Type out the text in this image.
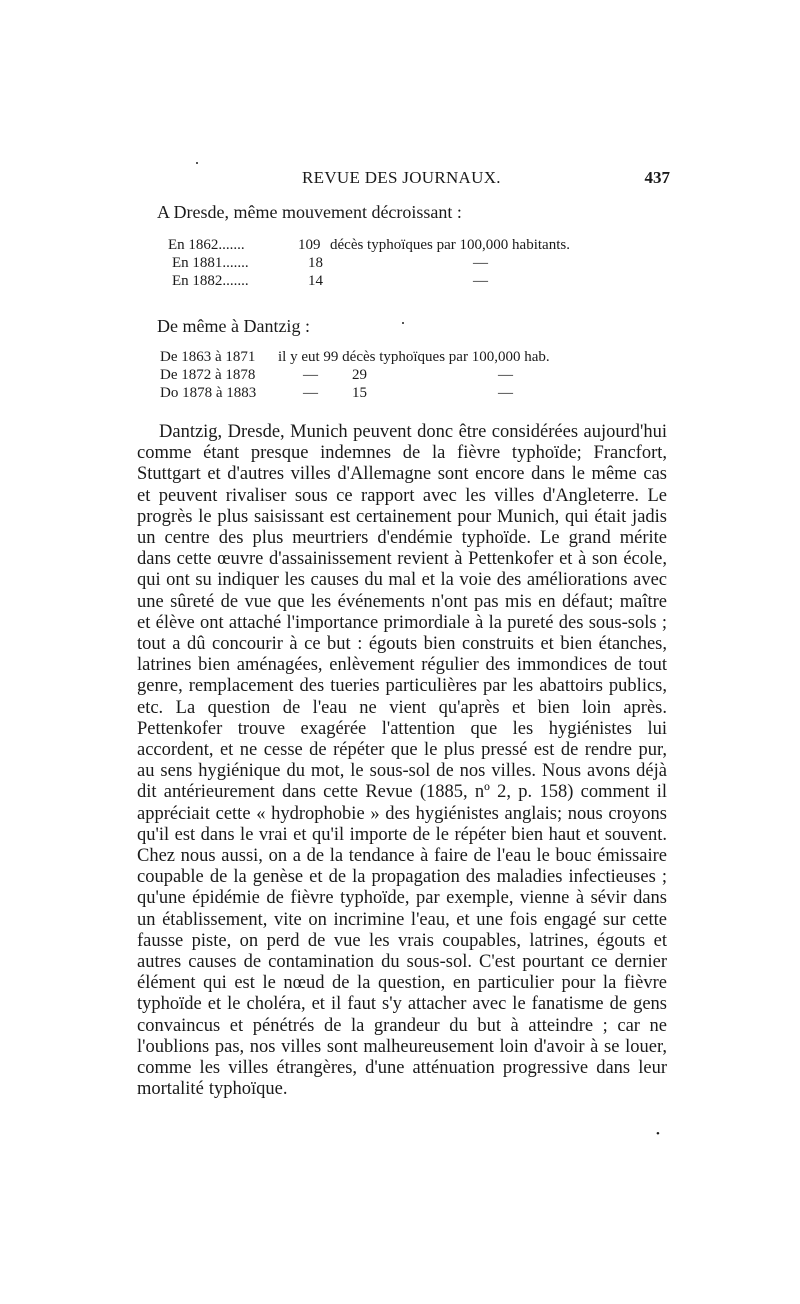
REVUE DES JOURNAUX.	437
A Dresde, même mouvement décroissant :
En 1862.......	109 décès typhoïques par 100,000 habitants.
En 1881.......	18	—
En 1882.......	14	—
De même à Dantzig :
De 1863 à 1871 il y eut 99 décès typhoïques par 100,000 hab.
De 1872 à 1878	— 29	—
Do 1878 à 1883	— 15	—

Dantzig, Dresde, Munich peuvent donc être considérées aujourd'hui comme étant presque indemnes de la fièvre typhoïde; Francfort, Stuttgart et d'autres villes d'Allemagne sont encore dans le même cas et peuvent rivaliser sous ce rapport avec les villes d'Angleterre. Le progrès le plus saisissant est certainement pour Munich, qui était jadis un centre des plus meurtriers d'endémie typhoïde. Le grand mérite dans cette œuvre d'assainissement revient à Pettenkofer et à son école, qui ont su indiquer les causes du mal et la voie des améliorations avec une sûreté de vue que les événements n'ont pas mis en défaut; maître et élève ont attaché l'importance primordiale à la pureté des sous-sols ; tout a dû concourir à ce but : égouts bien construits et bien étanches, latrines bien aménagées, enlèvement régulier des immondices de tout genre, remplacement des tueries particulières par les abattoirs publics, etc. La question de l'eau ne vient qu'après et bien loin après. Pettenkofer trouve exagérée l'attention que les hygiénistes lui accordent, et ne cesse de répéter que le plus pressé est de rendre pur, au sens hygiénique du mot, le sous-sol de nos villes. Nous avons déjà dit antérieurement dans cette Revue (1885, nº 2, p. 158) comment il appréciait cette « hydrophobie » des hygiénistes anglais; nous croyons qu'il est dans le vrai et qu'il importe de le répéter bien haut et souvent. Chez nous aussi, on a de la tendance à faire de l'eau le bouc émissaire coupable de la genèse et de la propagation des maladies infectieuses ; qu'une épidémie de fièvre typhoïde, par exemple, vienne à sévir dans un établissement, vite on incrimine l'eau, et une fois engagé sur cette fausse piste, on perd de vue les vrais coupables, latrines, égouts et autres causes de contamination du sous-sol. C'est pourtant ce dernier élément qui est le nœud de la question, en particulier pour la fièvre typhoïde et le choléra, et il faut s'y attacher avec le fanatisme de gens convaincus et pénétrés de la grandeur du but à atteindre ; car ne l'oublions pas, nos villes sont malheureusement loin d'avoir à se louer, comme les villes étrangères, d'une atténuation progressive dans leur mortalité typhoïque.

•
